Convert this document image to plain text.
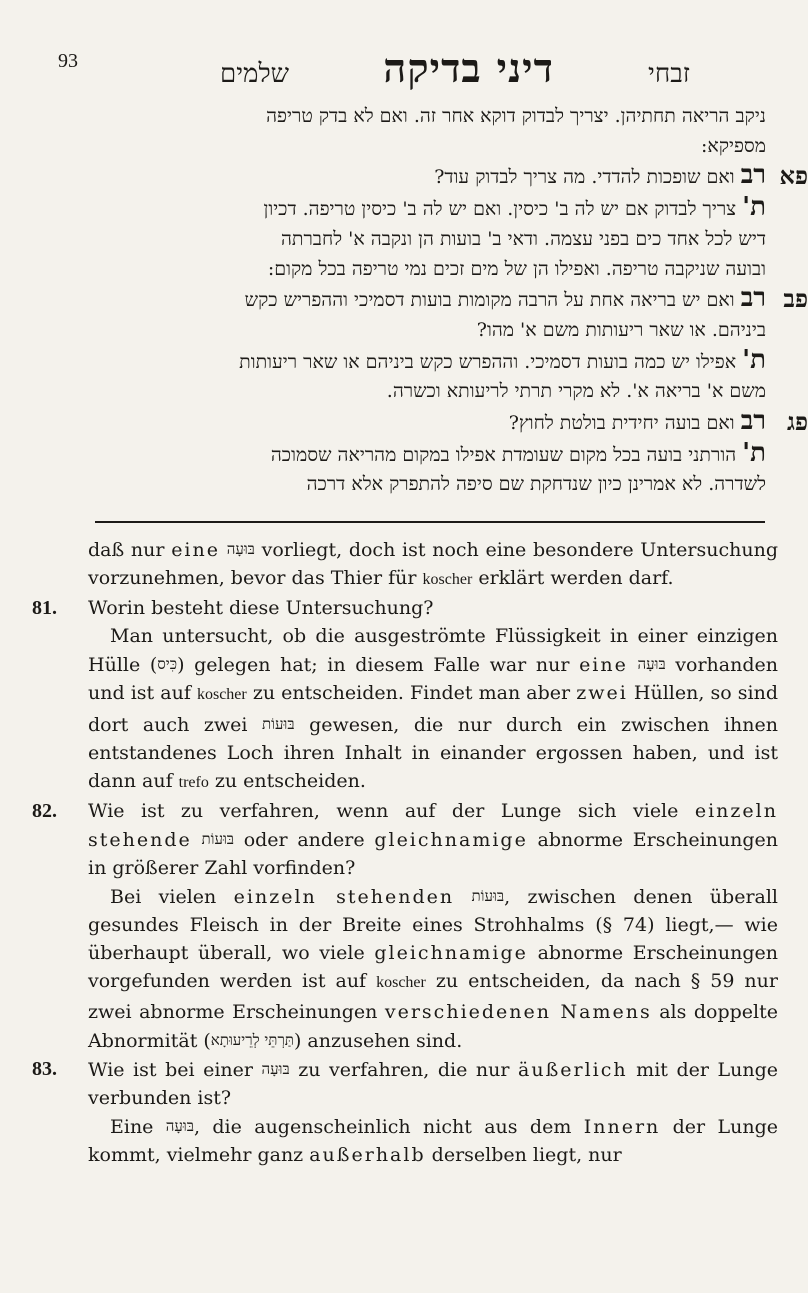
93	זבחי
דיני בדיקה
שלמים

ניקב הריאה תחתיהן. יצריך לבדוק דוקא אחר זה. ואם לא בדק טריפה

מספיקא:

פא
רב ואם שופכות להדדי. מה צריך לבדוק עוד?

ת' צריך לבדוק אם יש לה ב' כיסין. ואם יש לה ב' כיסין טריפה. דכיון

דיש לכל אחד כים בפני עצמה. ודאי ב' בועות הן ונקבה א' לחברתה

ובועה שניקבה טריפה. ואפילו הן של מים זכים נמי טריפה בכל מקום:

פב
רב ואם יש בריאה אחת על הרבה מקומות בועות דסמיכי וההפריש כקש

ביניהם. או שאר ריעותות משם א' מהו?

ת' אפילו יש כמה בועות דסמיכי. וההפרש כקש ביניהם או שאר ריעותות

משם א' בריאה א'. לא מקרי תרתי לריעותא וכשרה.

פג
רב ואם בועה יחידית בולטת לחוץ?

ת' הורתני בועה בכל מקום שעומדת אפילו במקום מהריאה שסמוכה

לשדרה. לא אמרינן כיון שנדחקת שם סיפה להתפרק אלא דרכה

daß nur eine בּוּעָה vorliegt, doch ist noch eine besondere Untersuchung vorzunehmen, bevor das Thier für koscher erklärt werden darf.

81. Worin besteht diese Untersuchung?

Man untersucht, ob die ausgeströmte Flüssigkeit in einer einzigen Hülle (כִּיס) gelegen hat; in diesem Falle war nur eine בּוּעָה vorhanden und ist auf koscher zu entscheiden. Findet man aber zwei Hüllen, so sind dort auch zwei בּוּעוֹת gewesen, die nur durch ein zwischen ihnen entstandenes Loch ihren Inhalt in einander ergossen haben, und ist dann auf trefo zu entscheiden.

82. Wie ist zu verfahren, wenn auf der Lunge sich viele einzeln stehende בּוּעוֹת oder andere gleichnamige abnorme Erscheinungen in größerer Zahl vorfinden?

Bei vielen einzeln stehenden בּוּעוֹת, zwischen denen überall gesundes Fleisch in der Breite eines Strohhalms (§ 74) liegt,— wie überhaupt überall, wo viele gleichnamige abnorme Erscheinungen vorgefunden werden ist auf koscher zu entscheiden, da nach § 59 nur zwei abnorme Erscheinungen verschiedenen Namens als doppelte Abnormität (תַּרְתֵּי לְרֵיעוּתָא) anzusehen sind.

83. Wie ist bei einer בּוּעָה zu verfahren, die nur äußerlich mit der Lunge verbunden ist?

Eine בּוּעָה, die augenscheinlich nicht aus dem Innern der Lunge kommt, vielmehr ganz außerhalb derselben liegt, nur
